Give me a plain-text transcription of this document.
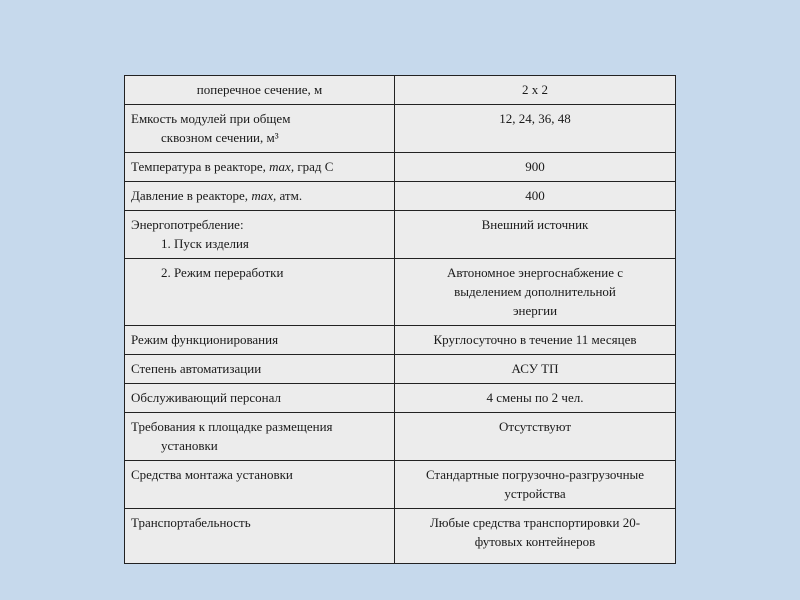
поперечное сечение, м	2 х 2

Емкость модулей при общем
сквозном сечении, м³	12, 24, 36, 48
Температура в реакторе, max, град С	900
Давление в реакторе, max, атм.	400

Энергопотребление:
1. Пуск изделия	Внешний источник

2. Режим переработки	Автономное энергоснабжение с
выделением дополнительной
энергии

Режим функционирования	Круглосуточно в течение 11 месяцев
Степень автоматизации	АСУ ТП
Обслуживающий персонал	4 смены по 2 чел.

Требования к площадке размещения
установки	Отсутствуют
Средства монтажа установки	Стандартные погрузочно-разгрузочные
устройства

Транспортабельность	Любые средства транспортировки 20-
футовых контейнеров
